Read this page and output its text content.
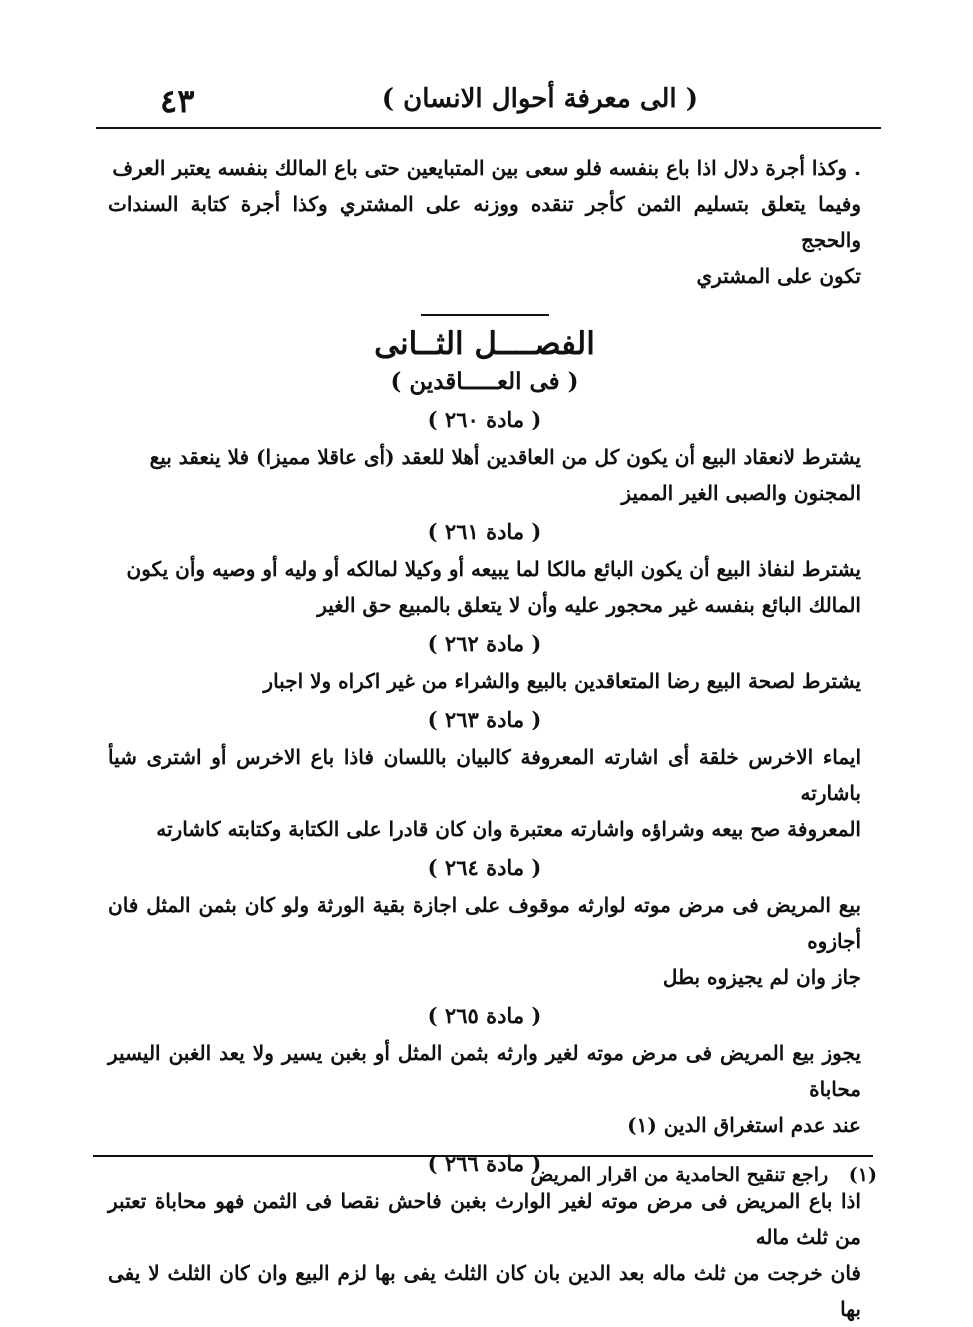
٤٣	( الى معرفة أحوال الانسان )

. وكذا أجرة دلال اذا باع بنفسه فلو سعى بين المتبايعين حتى باع المالك بنفسه يعتبر العرف

وفيما يتعلق بتسليم الثمن كأجر تنقده ووزنه على المشتري وكذا أجرة كتابة السندات والحجج

تكون على المشتري

الفصــــل الثــانى
( فى العـــــاقدين )
( مادة ٢٦٠ )

يشترط لانعقاد البيع أن يكون كل من العاقدين أهلا للعقد (أى عاقلا مميزا) فلا ينعقد بيع

المجنون والصبى الغير المميز

( مادة ٢٦١ )

يشترط لنفاذ البيع أن يكون البائع مالكا لما يبيعه أو وكيلا لمالكه أو وليه أو وصيه وأن يكون

المالك البائع بنفسه غير محجور عليه وأن لا يتعلق بالمبيع حق الغير

( مادة ٢٦٢ )

يشترط لصحة البيع رضا المتعاقدين بالبيع والشراء من غير اكراه ولا اجبار

( مادة ٢٦٣ )

ايماء الاخرس خلقة أى اشارته المعروفة كالبيان باللسان فاذا باع الاخرس أو اشترى شيأ باشارته

المعروفة صح بيعه وشراؤه واشارته معتبرة وان كان قادرا على الكتابة وكتابته كاشارته

( مادة ٢٦٤ )

بيع المريض فى مرض موته لوارثه موقوف على اجازة بقية الورثة ولو كان بثمن المثل فان أجازوه

جاز وان لم يجيزوه بطل

( مادة ٢٦٥ )

يجوز بيع المريض فى مرض موته لغير وارثه بثمن المثل أو بغبن يسير ولا يعد الغبن اليسير محاباة

عند عدم استغراق الدين (١)

( مادة ٢٦٦ )

اذا باع المريض فى مرض موته لغير الوارث بغبن فاحش نقصا فى الثمن فهو محاباة تعتبر من ثلث ماله

فان خرجت من ثلث ماله بعد الدين بان كان الثلث يفى بها لزم البيع وان كان الثلث لا يفى بها

(١) راجع تنقيح الحامدية من اقرار المريض
